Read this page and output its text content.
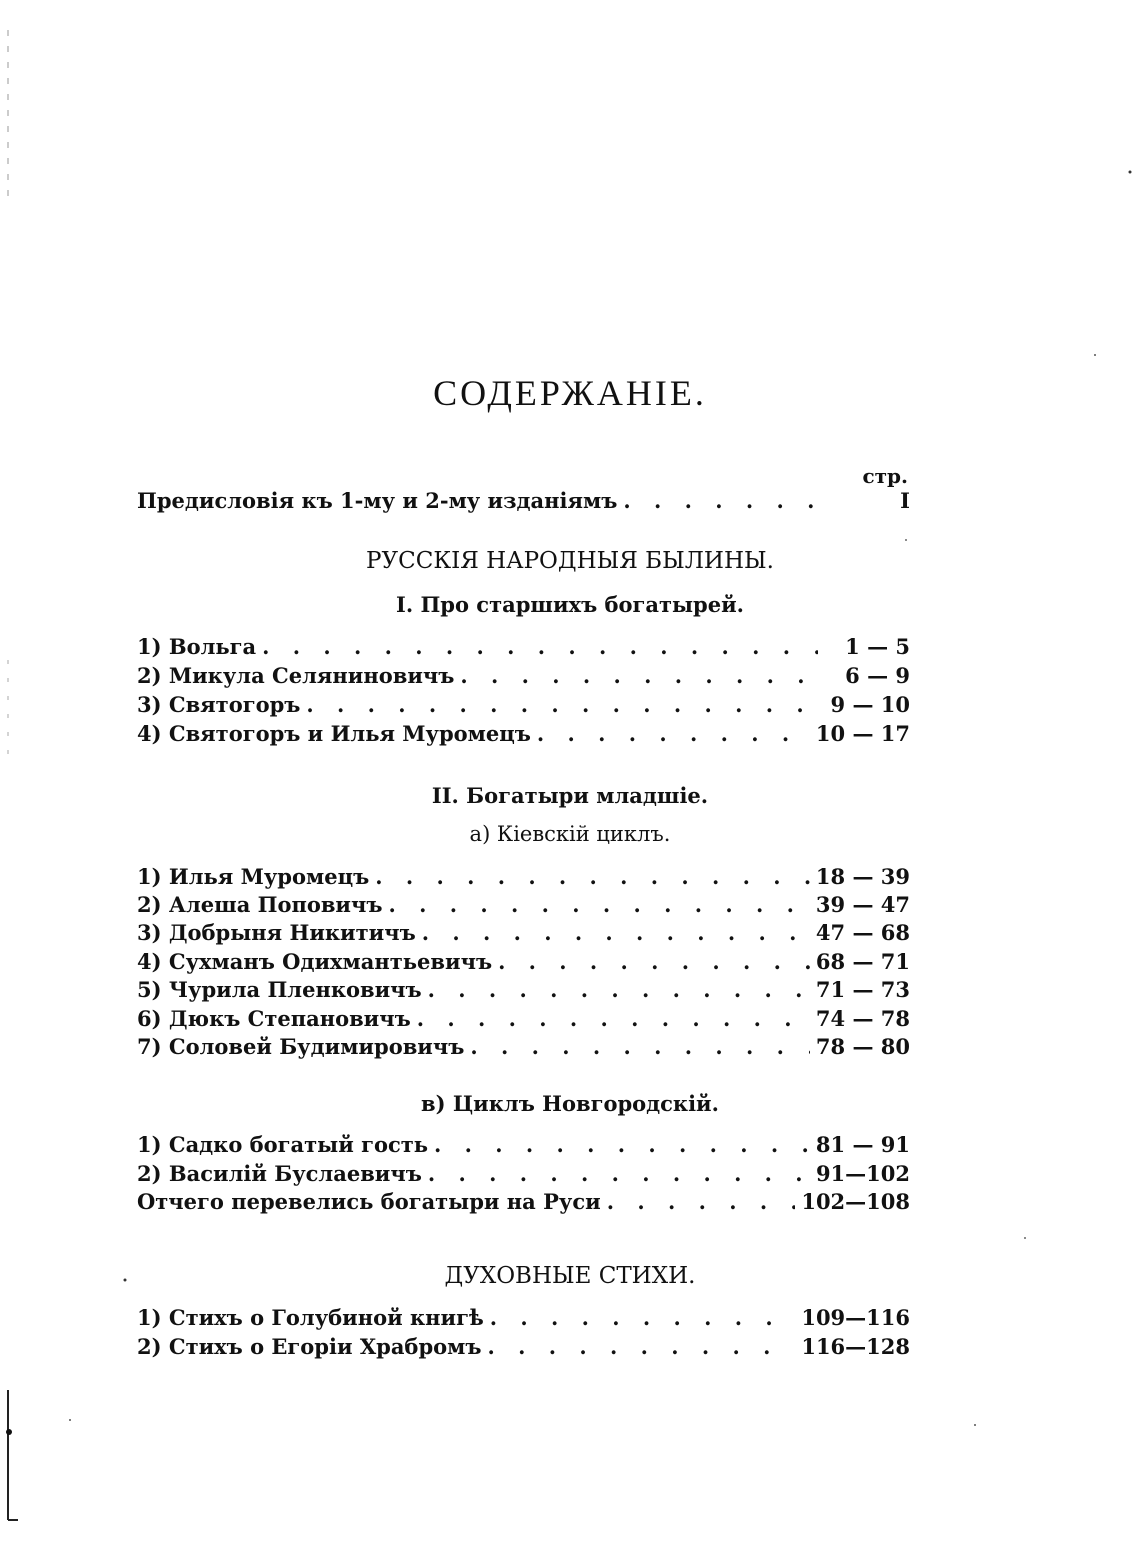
СОДЕРЖАНІЕ.
стр.
Предисловія къ 1-му и 2-му изданіямъ . . .	I
РУССКІЯ НАРОДНЫЯ БЫЛИНЫ.
I. Про старшихъ богатырей.
1) Вольга . . .	1 — 5
2) Микула Селяниновичъ . . .	6 — 9
3) Святогоръ . . .	9 — 10
4) Святогоръ и Илья Муромецъ . . .	10 — 17
II. Богатыри младшіе.
а) Кіевскій циклъ.
1) Илья Муромецъ . . .	18 — 39
2) Алеша Поповичъ . . .	39 — 47
3) Добрыня Никитичъ . . .	47 — 68
4) Сухманъ Одихмантьевичъ . . .	68 — 71
5) Чурила Пленковичъ . . .	71 — 73
6) Дюкъ Степановичъ . . .	74 — 78
7) Соловей Будимировичъ . . .	78 — 80
в) Циклъ Новгородскій.
1) Садко богатый гость . . .	81 — 91
2) Василій Буслаевичъ . . .	91—102
Отчего перевелись богатыри на Руси . . .	102—108
ДУХОВНЫЕ СТИХИ.
1) Стихъ о Голубиной книгѣ . . .	109—116
2) Стихъ о Егоріи Храбромъ . . .	116—128
